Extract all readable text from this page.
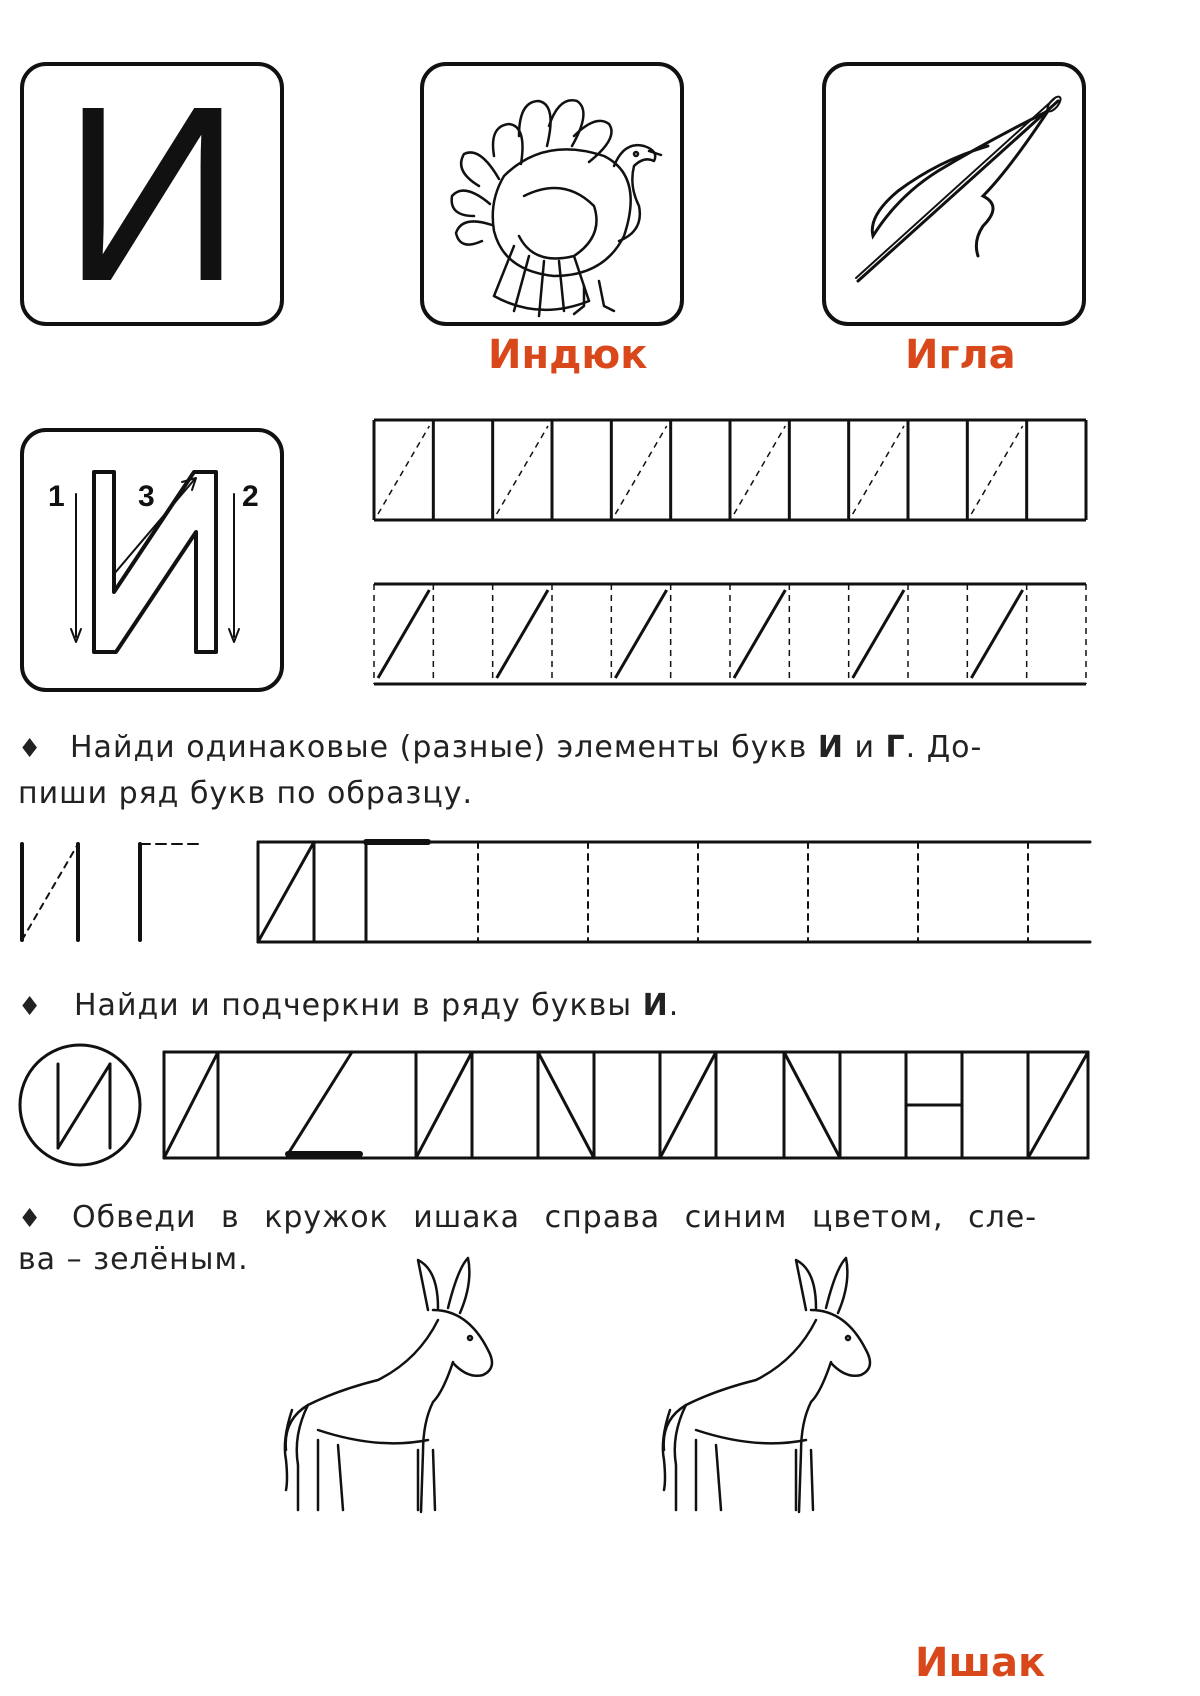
И
Индюк	Игла
1 3	2
♦ Найди одинаковые (разные) элементы букв И и Г. До-
пиши ряд букв по образцу.
♦ Найди и подчеркни в ряду буквы И.
♦ Обведи в кружок ишака справа синим цветом, сле-
ва – зелёным.
Ишак
